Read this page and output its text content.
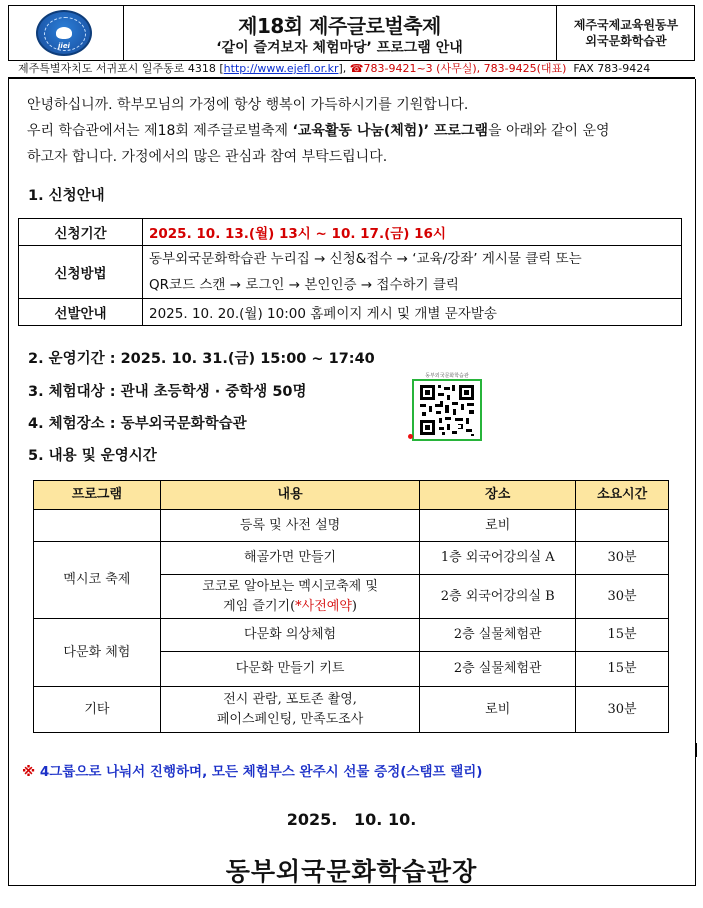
jiei
제18회 제주글로벌축제
‘같이 즐겨보자 체험마당’ 프로그램 안내
제주국제교육원동부
외국문화학습관
제주특별자치도 서귀포시 일주동로 4318 [http://www.ejefl.or.kr], ☎783-9421~3 (사무실), 783-9425(대표) FAX 783-9424
안녕하십니까. 학부모님의 가정에 항상 행복이 가득하시기를 기원합니다.
우리 학습관에서는 제18회 제주글로벌축제 ‘교육활동 나눔(체험)’ 프로그램을 아래와 같이 운영
하고자 합니다. 가정에서의 많은 관심과 참여 부탁드립니다.
1. 신청안내
신청기간	2025. 10. 13.(월) 13시 ~ 10. 17.(금) 16시
신청방법	동부외국문화학습관 누리집 → 신청&접수 → ‘교육/강좌’ 게시물 클릭 또는
QR코드 스캔 → 로그인 → 본인인증 → 접수하기 클릭

선발안내	2025. 10. 20.(월) 10:00 홈페이지 게시 및 개별 문자발송
2. 운영기간 : 2025. 10. 31.(금) 15:00 ~ 17:40
3. 체험대상 : 관내 초등학생 · 중학생 50명
4. 체험장소 : 동부외국문화학습관
5. 내용 및 운영시간
동부외국문화학습관
프로그램	내용	장소	소요시간
	등록 및 사전 설명	로비	
멕시코 축제	해골가면 만들기	1층 외국어강의실 A	30분

	코코로 알아보는 멕시코축제 및
게임 즐기기(*사전예약)	2층 외국어강의실 B	30분
다문화 체험	다문화 의상체험	2층 실물체험관	15분
	다문화 만들기 키트	2층 실물체험관	15분
기타	전시 관람, 포토존 촬영,
페이스페인팅, 만족도조사	로비	30분
※ 4그룹으로 나눠서 진행하며, 모든 체험부스 완주시 선물 증정(스탬프 랠리)
2025.   10. 10.
동부외국문화학습관장
